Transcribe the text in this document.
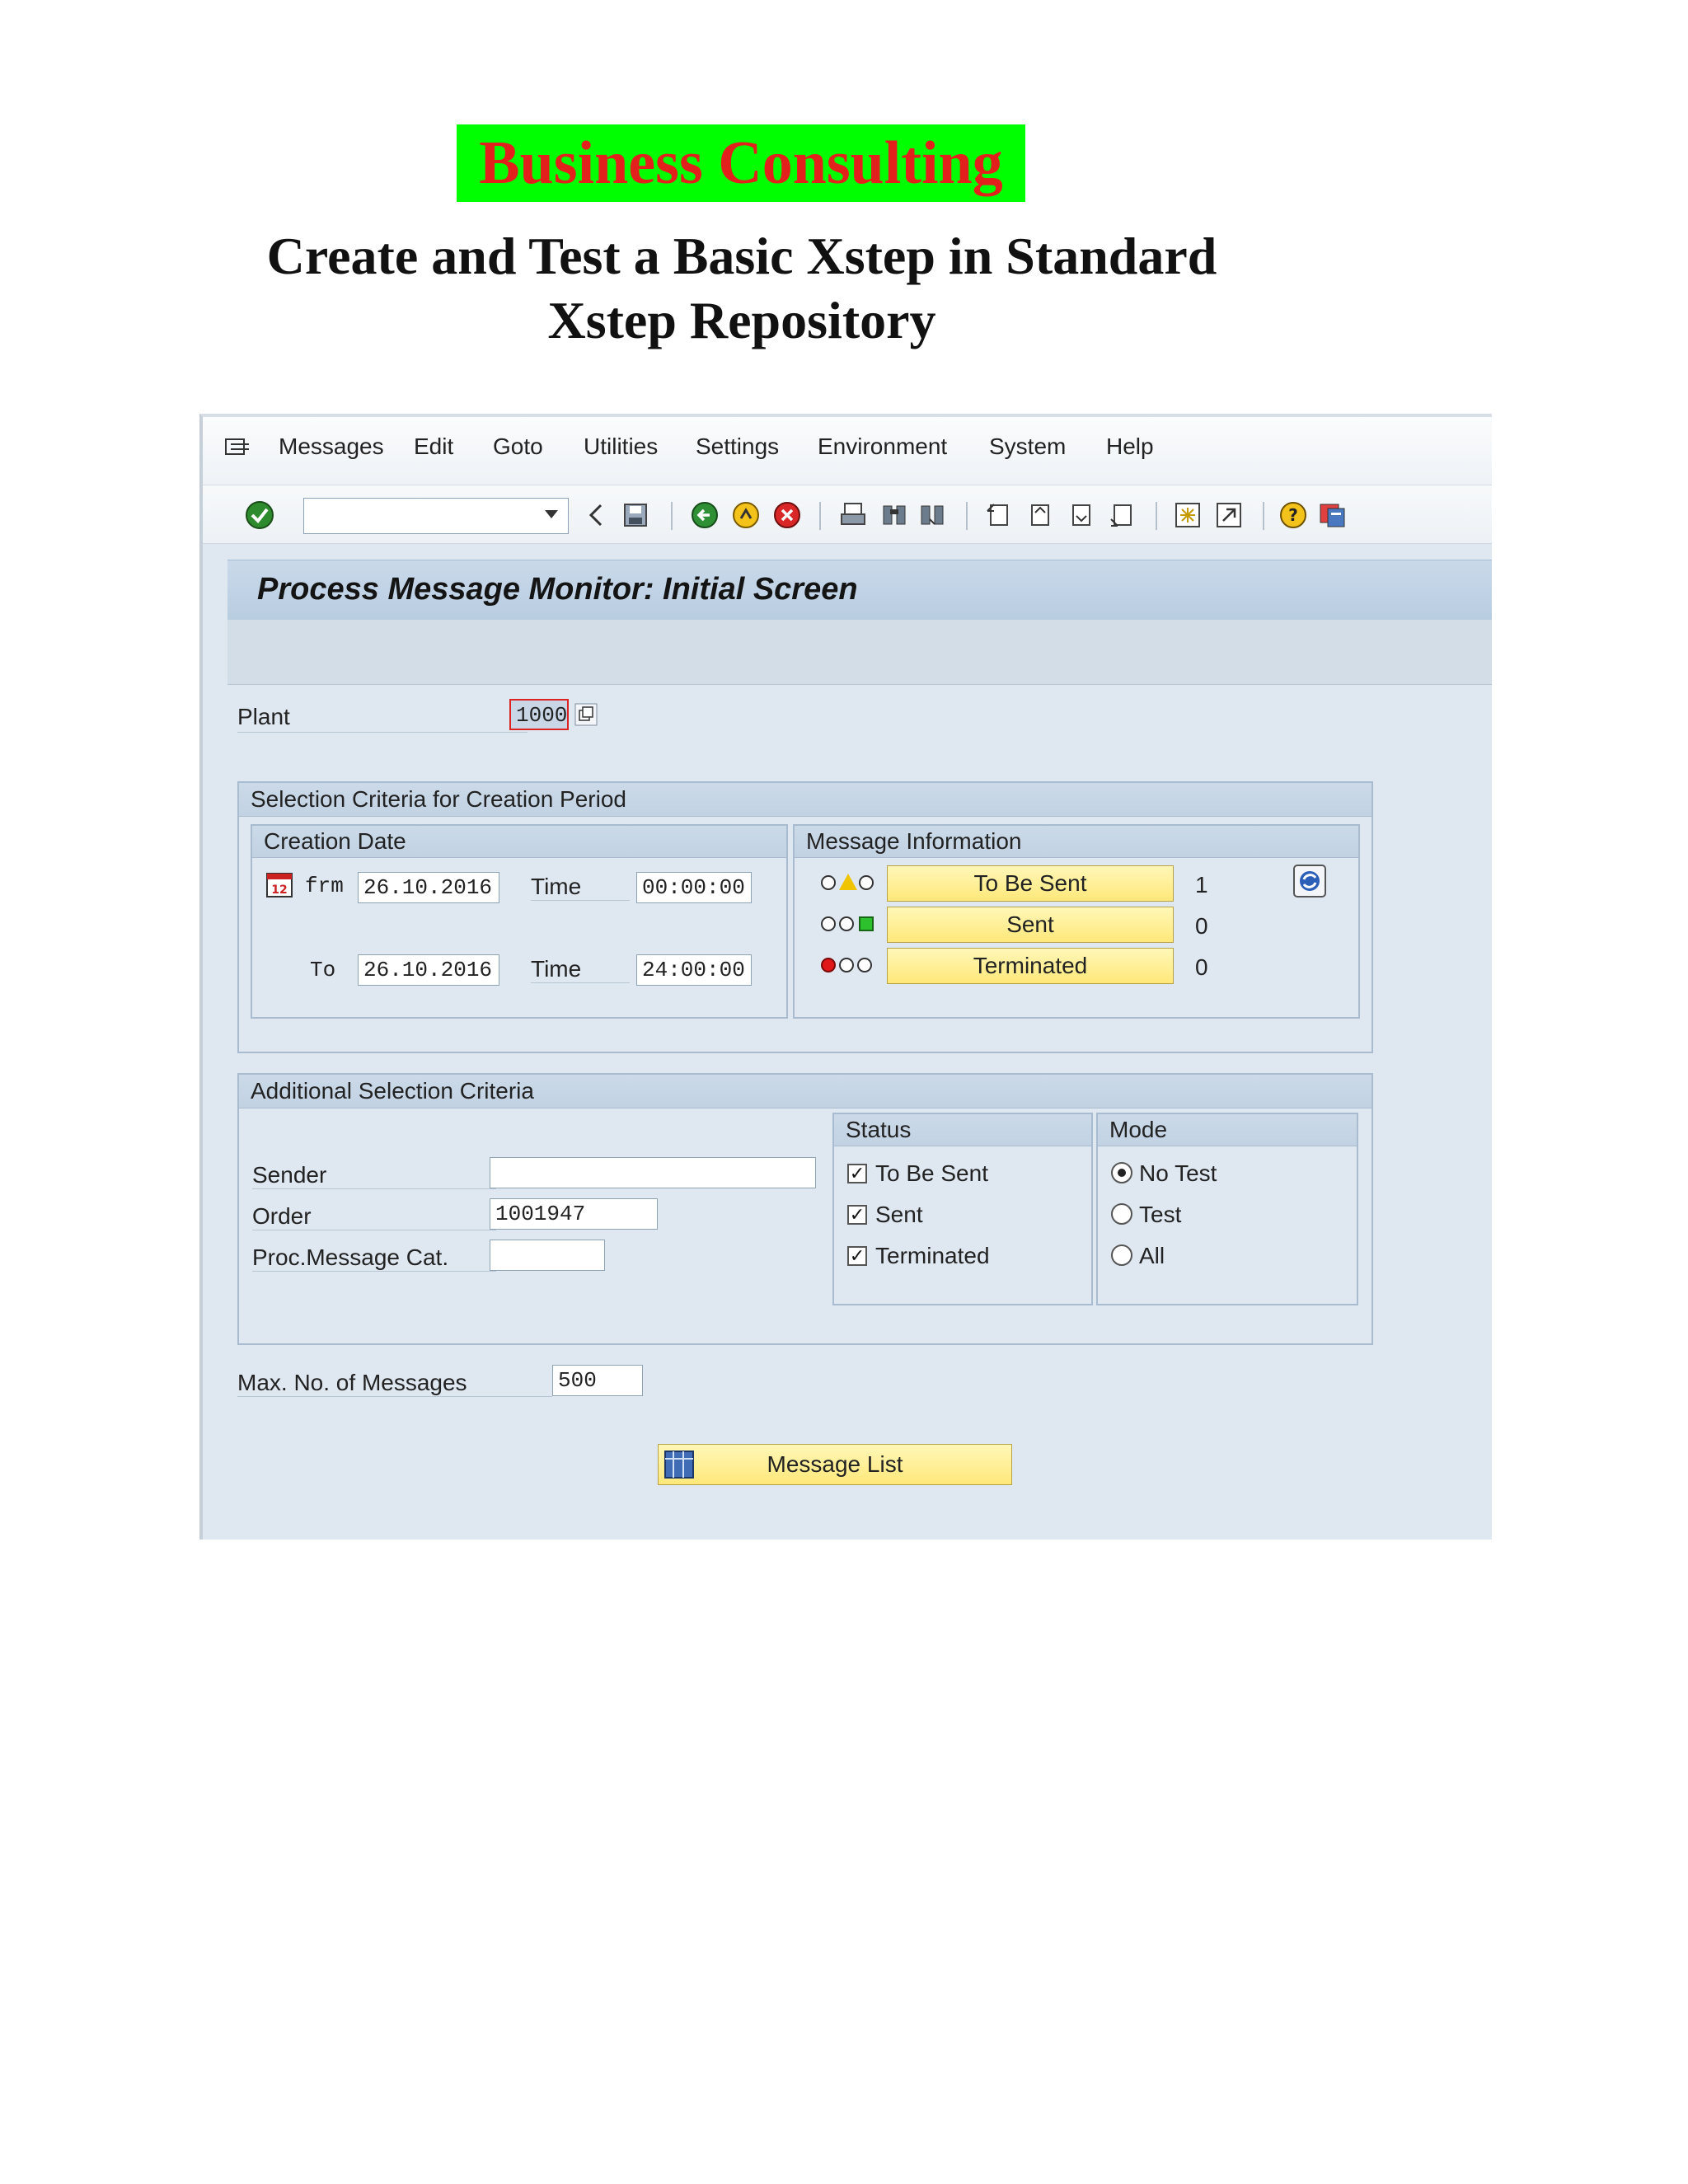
Business Consulting
Create and Test a Basic Xstep in Standard
Xstep Repository
Messages Edit Goto Utilities Settings Environment System Help
?
Process Message Monitor: Initial Screen
Plant	1000
Selection Criteria for Creation Period
Creation Date
12 frm 26.10.2016	Time	00:00:00
To 26.10.2016	Time	24:00:00
Message Information
To Be Sent	1
Sent	0
Terminated	0
Additional Selection Criteria
Sender
Order	1001947
Proc.Message Cat.
Status
✓ To Be Sent
✓ Sent
✓ Terminated
Mode
No Test
Test
All
Max. No. of Messages	500
Message List
